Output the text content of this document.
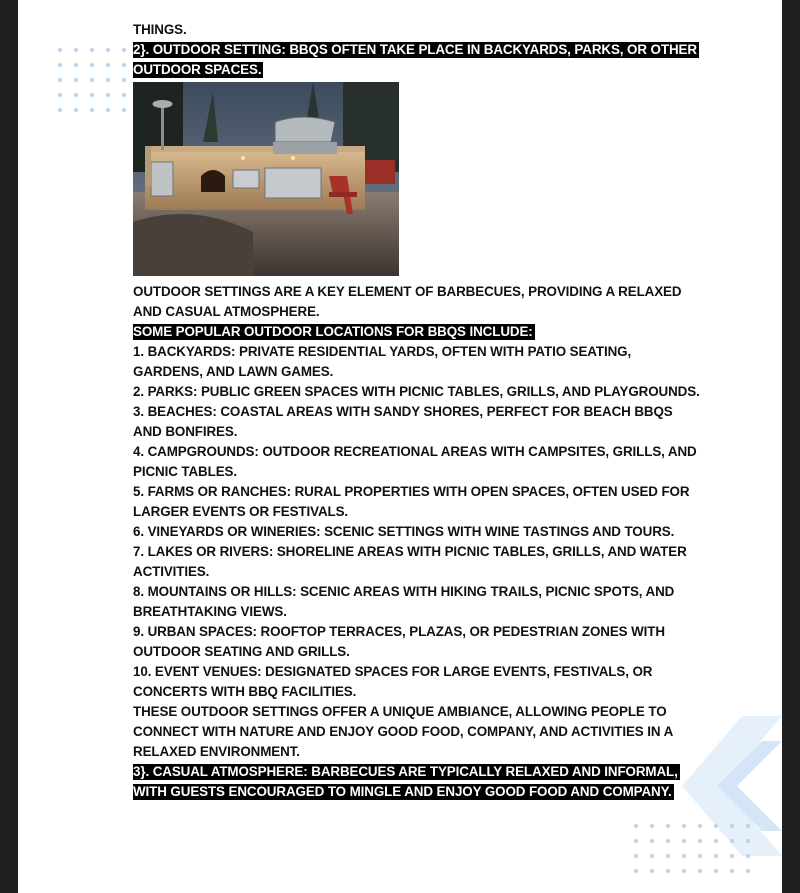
THINGS.
2}. OUTDOOR SETTING: BBQS OFTEN TAKE PLACE IN BACKYARDS, PARKS, OR OTHER
OUTDOOR SPACES.
OUTDOOR SETTINGS ARE A KEY ELEMENT OF BARBECUES, PROVIDING A RELAXED
AND CASUAL ATMOSPHERE.
SOME POPULAR OUTDOOR LOCATIONS FOR BBQS INCLUDE:
1. BACKYARDS: PRIVATE RESIDENTIAL YARDS, OFTEN WITH PATIO SEATING,
GARDENS, AND LAWN GAMES.
2. PARKS: PUBLIC GREEN SPACES WITH PICNIC TABLES, GRILLS, AND PLAYGROUNDS.
3. BEACHES: COASTAL AREAS WITH SANDY SHORES, PERFECT FOR BEACH BBQS
AND BONFIRES.
4. CAMPGROUNDS: OUTDOOR RECREATIONAL AREAS WITH CAMPSITES, GRILLS, AND
PICNIC TABLES.
5. FARMS OR RANCHES: RURAL PROPERTIES WITH OPEN SPACES, OFTEN USED FOR
LARGER EVENTS OR FESTIVALS.
6. VINEYARDS OR WINERIES: SCENIC SETTINGS WITH WINE TASTINGS AND TOURS.
7. LAKES OR RIVERS: SHORELINE AREAS WITH PICNIC TABLES, GRILLS, AND WATER
ACTIVITIES.
8. MOUNTAINS OR HILLS: SCENIC AREAS WITH HIKING TRAILS, PICNIC SPOTS, AND
BREATHTAKING VIEWS.
9. URBAN SPACES: ROOFTOP TERRACES, PLAZAS, OR PEDESTRIAN ZONES WITH
OUTDOOR SEATING AND GRILLS.
10. EVENT VENUES: DESIGNATED SPACES FOR LARGE EVENTS, FESTIVALS, OR
CONCERTS WITH BBQ FACILITIES.
THESE OUTDOOR SETTINGS OFFER A UNIQUE AMBIANCE, ALLOWING PEOPLE TO
CONNECT WITH NATURE AND ENJOY GOOD FOOD, COMPANY, AND ACTIVITIES IN A
RELAXED ENVIRONMENT.
3}. CASUAL ATMOSPHERE: BARBECUES ARE TYPICALLY RELAXED AND INFORMAL,
WITH GUESTS ENCOURAGED TO MINGLE AND ENJOY GOOD FOOD AND COMPANY.
